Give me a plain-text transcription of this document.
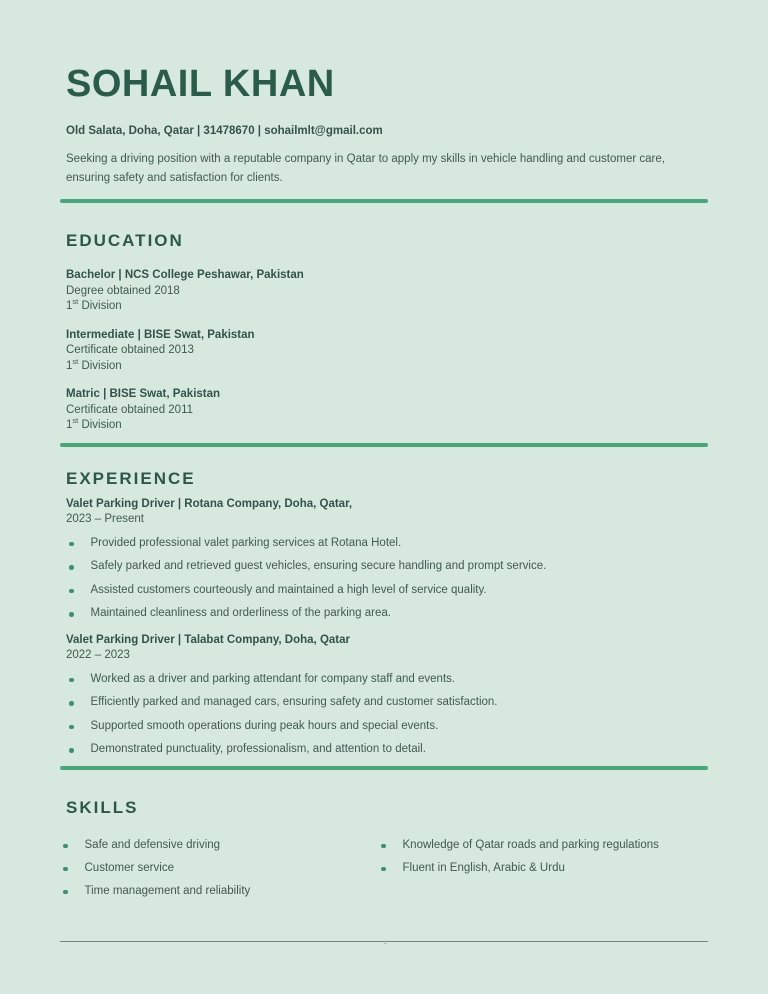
SOHAIL KHAN

Old Salata, Doha, Qatar | 31478670 | sohailmlt@gmail.com

Seeking a driving position with a reputable company in Qatar to apply my skills in vehicle handling and customer care, ensuring safety and satisfaction for clients.

EDUCATION

Bachelor | NCS College Peshawar, Pakistan

Degree obtained 2018

1st Division

Intermediate | BISE Swat, Pakistan

Certificate obtained 2013

1st Division

Matric | BISE Swat, Pakistan

Certificate obtained 2011

1st Division

EXPERIENCE

Valet Parking Driver | Rotana Company, Doha, Qatar,

2023 – Present

Provided professional valet parking services at Rotana Hotel.
Safely parked and retrieved guest vehicles, ensuring secure handling and prompt service.
Assisted customers courteously and maintained a high level of service quality.
Maintained cleanliness and orderliness of the parking area.

Valet Parking Driver | Talabat Company, Doha, Qatar

2022 – 2023

Worked as a driver and parking attendant for company staff and events.
Efficiently parked and managed cars, ensuring safety and customer satisfaction.
Supported smooth operations during peak hours and special events.
Demonstrated punctuality, professionalism, and attention to detail.
SKILLS
Safe and defensive driving
Customer service
Time management and reliability
Knowledge of Qatar roads and parking regulations
Fluent in English, Arabic & Urdu
.
